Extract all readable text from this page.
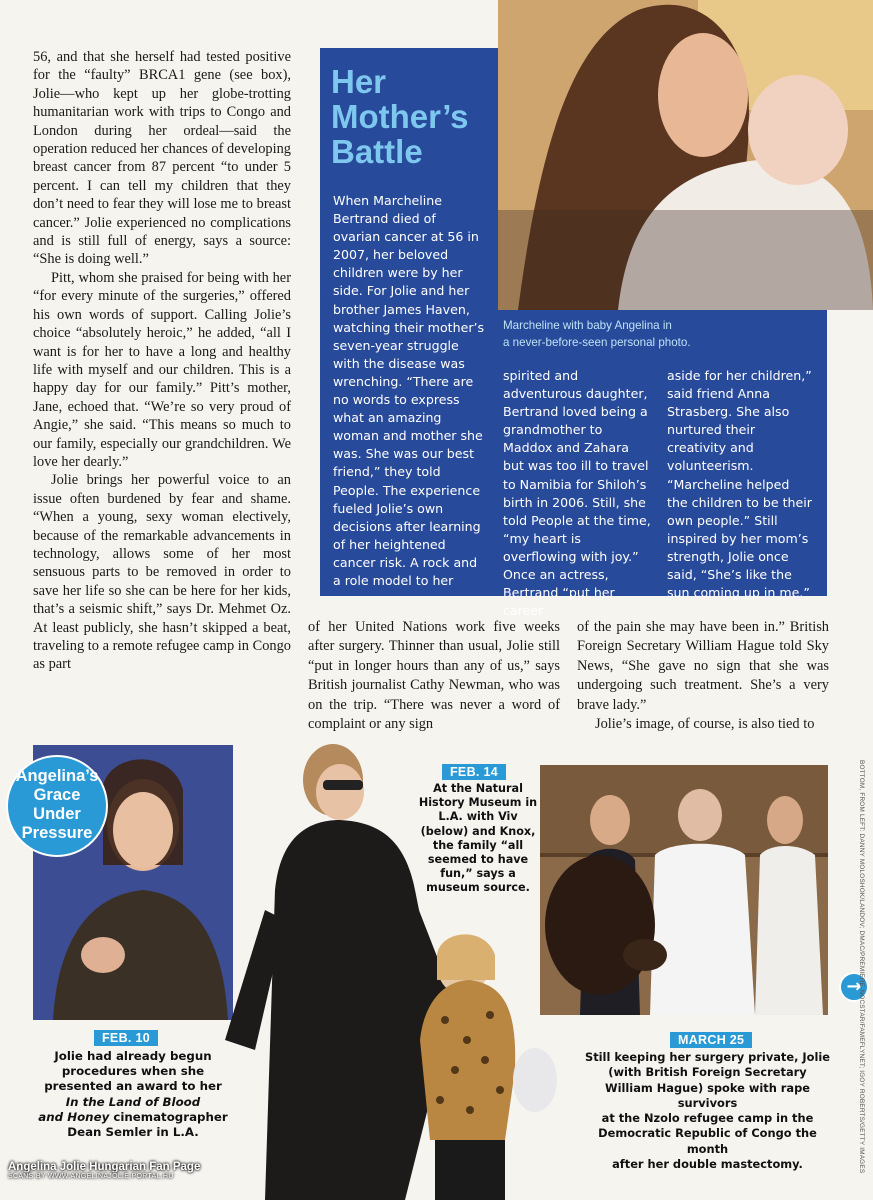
56, and that she herself had tested positive for the “faulty” BRCA1 gene (see box), Jolie—who kept up her globe-trotting humanitarian work with trips to Congo and London during her ordeal—said the operation reduced her chances of developing breast cancer from 87 percent “to under 5 percent. I can tell my children that they don’t need to fear they will lose me to breast cancer.” Jolie experienced no complications and is still full of energy, says a source: “She is doing well.”

Pitt, whom she praised for being with her “for every minute of the surgeries,” offered his own words of support. Calling Jolie’s choice “absolutely heroic,” he added, “all I want is for her to have a long and healthy life with myself and our children. This is a happy day for our family.” Pitt’s mother, Jane, echoed that. “We’re so very proud of Angie,” she said. “This means so much to our family, especially our grandchildren. We love her dearly.”

Jolie brings her powerful voice to an issue often burdened by fear and shame. “When a young, sexy woman electively, because of the remarkable advancements in technology, allows some of her most sensuous parts to be removed in order to save her life so she can be here for her kids, that’s a seismic shift,” says Dr. Mehmet Oz. At least publicly, she hasn’t skipped a beat, traveling to a remote refugee camp in Congo as part

Her
Mother’s
Battle
When Marcheline Bertrand died of ovarian cancer at 56 in 2007, her beloved children were by her side. For Jolie and her brother James Haven, watching their mother’s seven-year struggle with the disease was wrenching. “There are no words to express what an amazing woman and mother she was. She was our best friend,” they told People. The experience fueled Jolie’s own decisions after learning of her heightened cancer risk. A rock and a role model to her
Marcheline with baby Angelina in
a never-before-seen personal photo.
spirited and adventurous daughter, Bertrand loved being a grandmother to Maddox and Zahara but was too ill to travel to Namibia for Shiloh’s birth in 2006. Still, she told People at the time, “my heart is overflowing with joy.” Once an actress, Bertrand “put her career
aside for her children,” said friend Anna Strasberg. She also nurtured their creativity and volunteerism. “Marcheline helped the children to be their own people.” Still inspired by her mom’s strength, Jolie once said, “She’s like the sun coming up in me.”
of her United Nations work five weeks after surgery. Thinner than usual, Jolie still “put in longer hours than any of us,” says British journalist Cathy Newman, who was on the trip. “There was never a word of complaint or any sign

of the pain she may have been in.” British Foreign Secretary William Hague told Sky News, “She gave no sign that she was undergoing such treatment. She’s a very brave lady.”

Jolie’s image, of course, is also tied to

Angelina’s
Grace
Under
Pressure
FEB. 14
At the Natural
History Museum in
L.A. with Viv
(below) and Knox,
the family “all
seemed to have
fun,” says a
museum source.
→
FEB. 10
Jolie had already begun
procedures when she
presented an award to her
In the Land of Blood
and Honey cinematographer
Dean Semler in L.A.
MARCH 25
Still keeping her surgery private, Jolie
(with British Foreign Secretary
William Hague) spoke with rape survivors
at the Nzolo refugee camp in the
Democratic Republic of Congo the month
after her double mastectomy.	BOTTOM, FROM LEFT: DANNY MOLOSHOK/LANDOV; DMAC/PREMIERE-NOCSTAR/FAMEFLYNET; IGOY ROBERTS/GETTY IMAGES
Angelina Jolie Hungarian Fan Page
SCANS BY WWW.ANGELINAJOLIE.PORTAL.HU
